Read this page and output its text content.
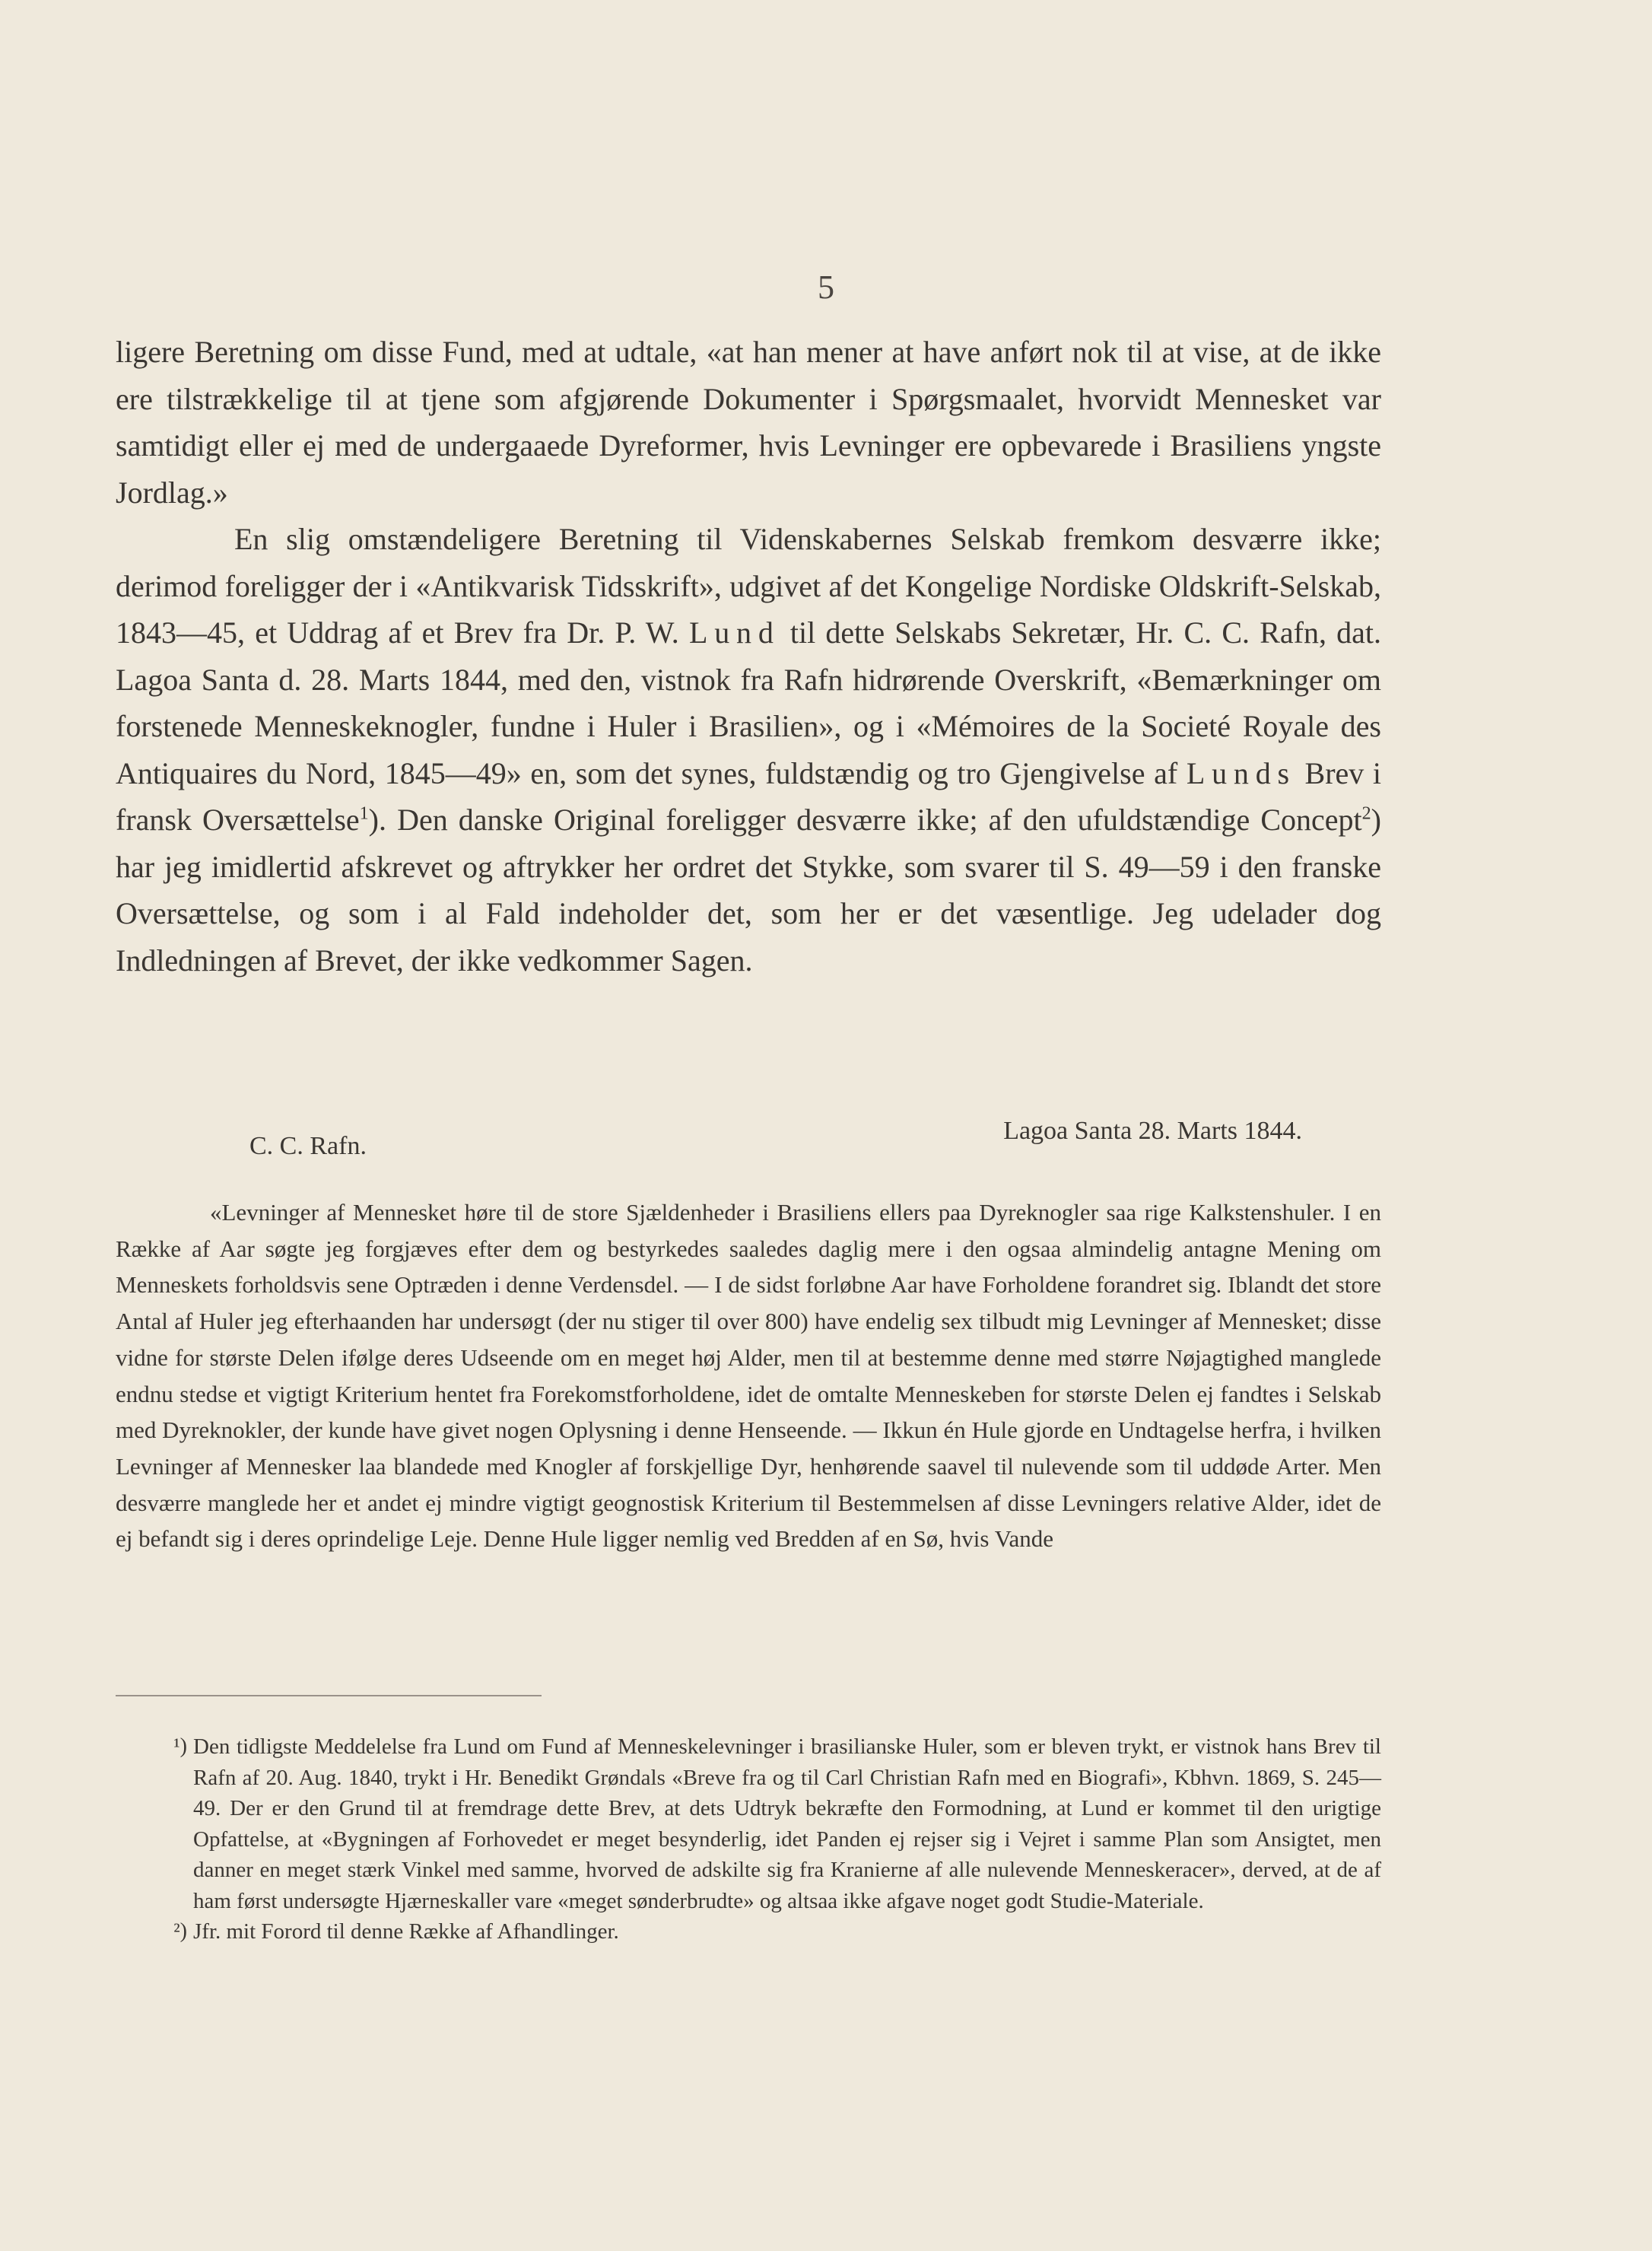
5

ligere Beretning om disse Fund, med at udtale, «at han mener at have anført nok til at vise, at de ikke ere tilstrækkelige til at tjene som afgjørende Dokumenter i Spørgsmaalet, hvorvidt Mennesket var samtidigt eller ej med de undergaaede Dyreformer, hvis Levninger ere opbevarede i Brasiliens yngste Jordlag.»

En slig omstændeligere Beretning til Videnskabernes Selskab fremkom desværre ikke; derimod foreligger der i «Antikvarisk Tidsskrift», udgivet af det Kongelige Nordiske Oldskrift-Selskab, 1843—45, et Uddrag af et Brev fra Dr. P. W. Lund til dette Selskabs Sekretær, Hr. C. C. Rafn, dat. Lagoa Santa d. 28. Marts 1844, med den, vistnok fra Rafn hidrørende Overskrift, «Bemærkninger om forstenede Menneskeknogler, fundne i Huler i Brasilien», og i «Mémoires de la Societé Royale des Antiquaires du Nord, 1845—49» en, som det synes, fuldstændig og tro Gjengivelse af Lunds Brev i fransk Oversættelse$^1$). Den danske Original foreligger desværre ikke; af den ufuldstændige Concept$^2$) har jeg imidlertid afskrevet og aftrykker her ordret det Stykke, som svarer til S. 49—59 i den franske Oversættelse, og som i al Fald indeholder det, som her er det væsentlige. Jeg udelader dog Indledningen af Brevet, der ikke vedkommer Sagen.

C. C. Rafn.
Lagoa Santa 28. Marts 1844.

«Levninger af Mennesket høre til de store Sjældenheder i Brasiliens ellers paa Dyreknogler saa rige Kalkstenshuler. I en Række af Aar søgte jeg forgjæves efter dem og bestyrkedes saaledes daglig mere i den ogsaa almindelig antagne Mening om Menneskets forholdsvis sene Optræden i denne Verdensdel. — I de sidst forløbne Aar have Forholdene forandret sig. Iblandt det store Antal af Huler jeg efterhaanden har undersøgt (der nu stiger til over 800) have endelig sex tilbudt mig Levninger af Mennesket; disse vidne for største Delen ifølge deres Udseende om en meget høj Alder, men til at bestemme denne med større Nøjagtighed manglede endnu stedse et vigtigt Kriterium hentet fra Forekomstforholdene, idet de omtalte Menneskeben for største Delen ej fandtes i Selskab med Dyreknokler, der kunde have givet nogen Oplysning i denne Henseende. — Ikkun én Hule gjorde en Undtagelse herfra, i hvilken Levninger af Mennesker laa blandede med Knogler af forskjellige Dyr, henhørende saavel til nulevende som til uddøde Arter. Men desværre manglede her et andet ej mindre vigtigt geognostisk Kriterium til Bestemmelsen af disse Levningers relative Alder, idet de ej befandt sig i deres oprindelige Leje. Denne Hule ligger nemlig ved Bredden af en Sø, hvis Vande

¹) Den tidligste Meddelelse fra Lund om Fund af Menneskelevninger i brasilianske Huler, som er bleven trykt, er vistnok hans Brev til Rafn af 20. Aug. 1840, trykt i Hr. Benedikt Grøndals «Breve fra og til Carl Christian Rafn med en Biografi», Kbhvn. 1869, S. 245—49. Der er den Grund til at fremdrage dette Brev, at dets Udtryk bekræfte den Formodning, at Lund er kommet til den urigtige Opfattelse, at «Bygningen af Forhovedet er meget besynderlig, idet Panden ej rejser sig i Vejret i samme Plan som Ansigtet, men danner en meget stærk Vinkel med samme, hvorved de adskilte sig fra Kranierne af alle nulevende Menneskeracer», derved, at de af ham først undersøgte Hjærneskaller vare «meget sønderbrudte» og altsaa ikke afgave noget godt Studie-Materiale.

²) Jfr. mit Forord til denne Række af Afhandlinger.
